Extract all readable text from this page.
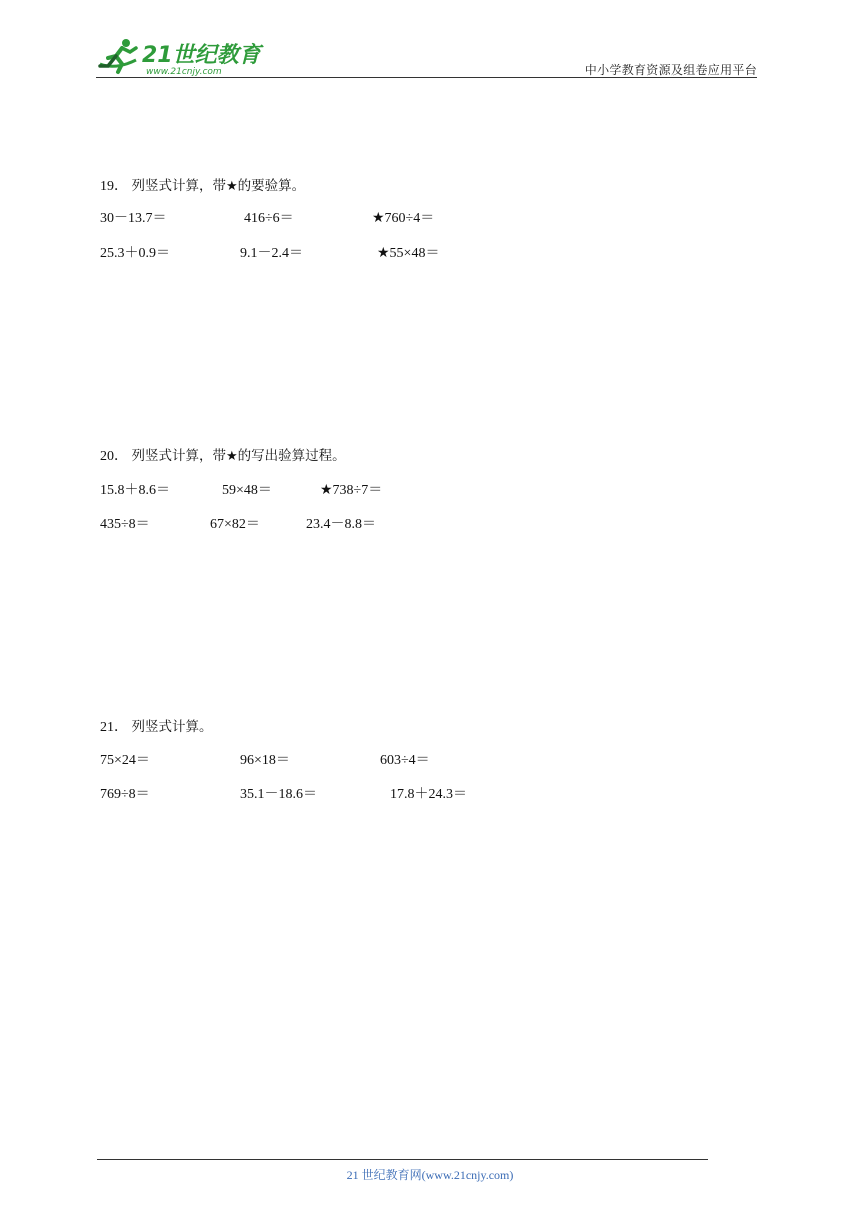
21世纪教育
www.21cnjy.com	中小学教育资源及组卷应用平台
19． 列竖式计算，带★的要验算。
30－13.7＝	416÷6＝	★760÷4＝
25.3＋0.9＝	9.1－2.4＝	★55×48＝
20． 列竖式计算，带★的写出验算过程。
15.8＋8.6＝	59×48＝	★738÷7＝
435÷8＝	67×82＝	23.4－8.8＝
21． 列竖式计算。
75×24＝	96×18＝	603÷4＝
769÷8＝	35.1－18.6＝	17.8＋24.3＝
21 世纪教育网(www.21cnjy.com)
